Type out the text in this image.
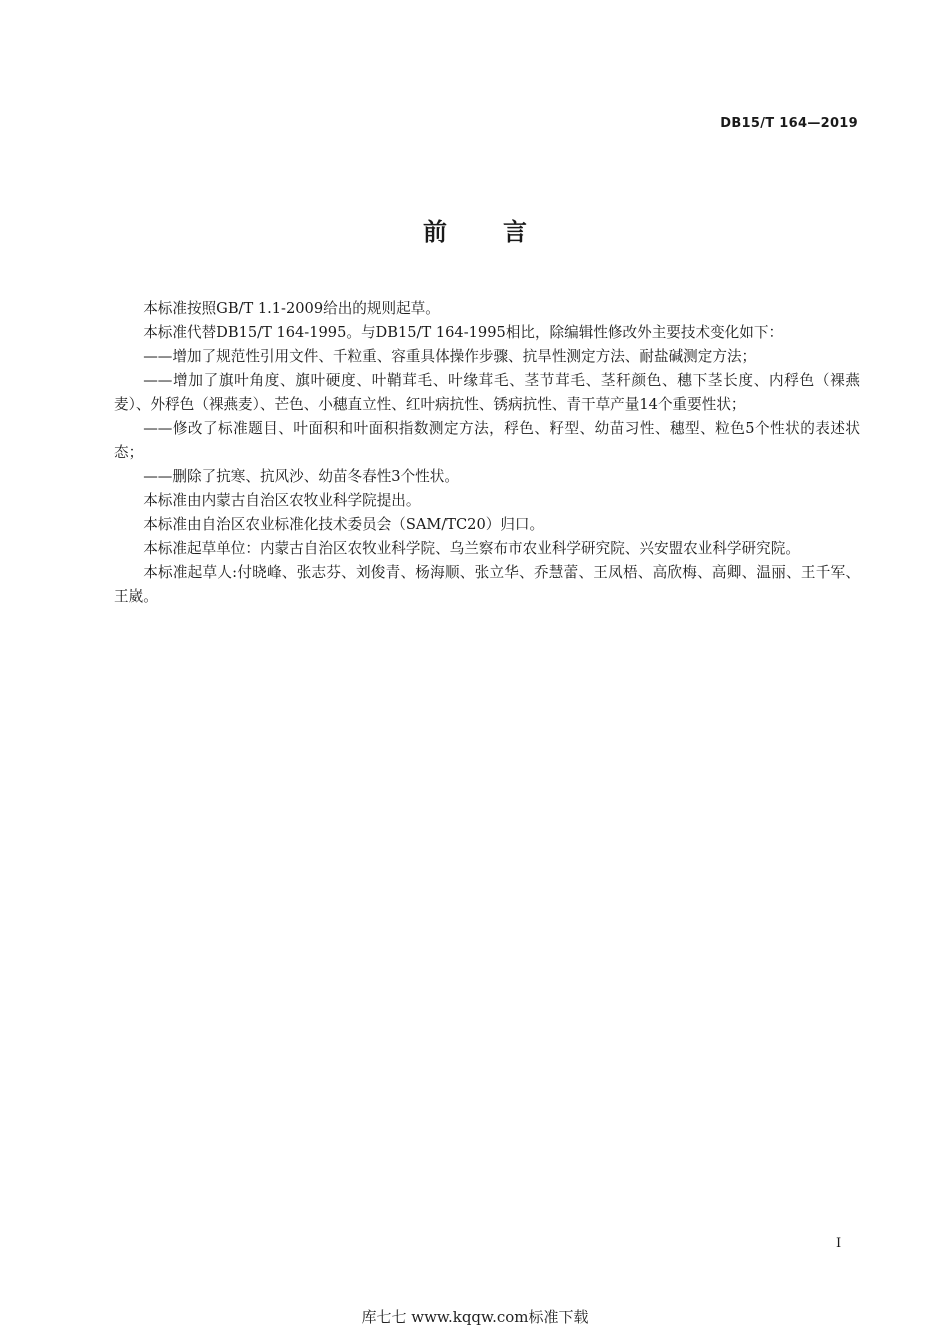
DB15/T 164—2019
前 言

本标准按照GB/T 1.1-2009给出的规则起草。

本标准代替DB15/T 164-1995。与DB15/T 164-1995相比，除编辑性修改外主要技术变化如下：

——增加了规范性引用文件、千粒重、容重具体操作步骤、抗旱性测定方法、耐盐碱测定方法；

——增加了旗叶角度、旗叶硬度、叶鞘茸毛、叶缘茸毛、茎节茸毛、茎秆颜色、穗下茎长度、内稃色（裸燕麦）、外稃色（裸燕麦）、芒色、小穗直立性、红叶病抗性、锈病抗性、青干草产量14个重要性状；

——修改了标准题目、叶面积和叶面积指数测定方法，稃色、籽型、幼苗习性、穗型、粒色5个性状的表述状态；

——删除了抗寒、抗风沙、幼苗冬春性3个性状。

本标准由内蒙古自治区农牧业科学院提出。

本标准由自治区农业标准化技术委员会（SAM/TC20）归口。

本标准起草单位：内蒙古自治区农牧业科学院、乌兰察布市农业科学研究院、兴安盟农业科学研究院。

本标准起草人:付晓峰、张志芬、刘俊青、杨海顺、张立华、乔慧蕾、王凤梧、高欣梅、高卿、温丽、王千军、王崴。

I
库七七 www.kqqw.com标准下载
